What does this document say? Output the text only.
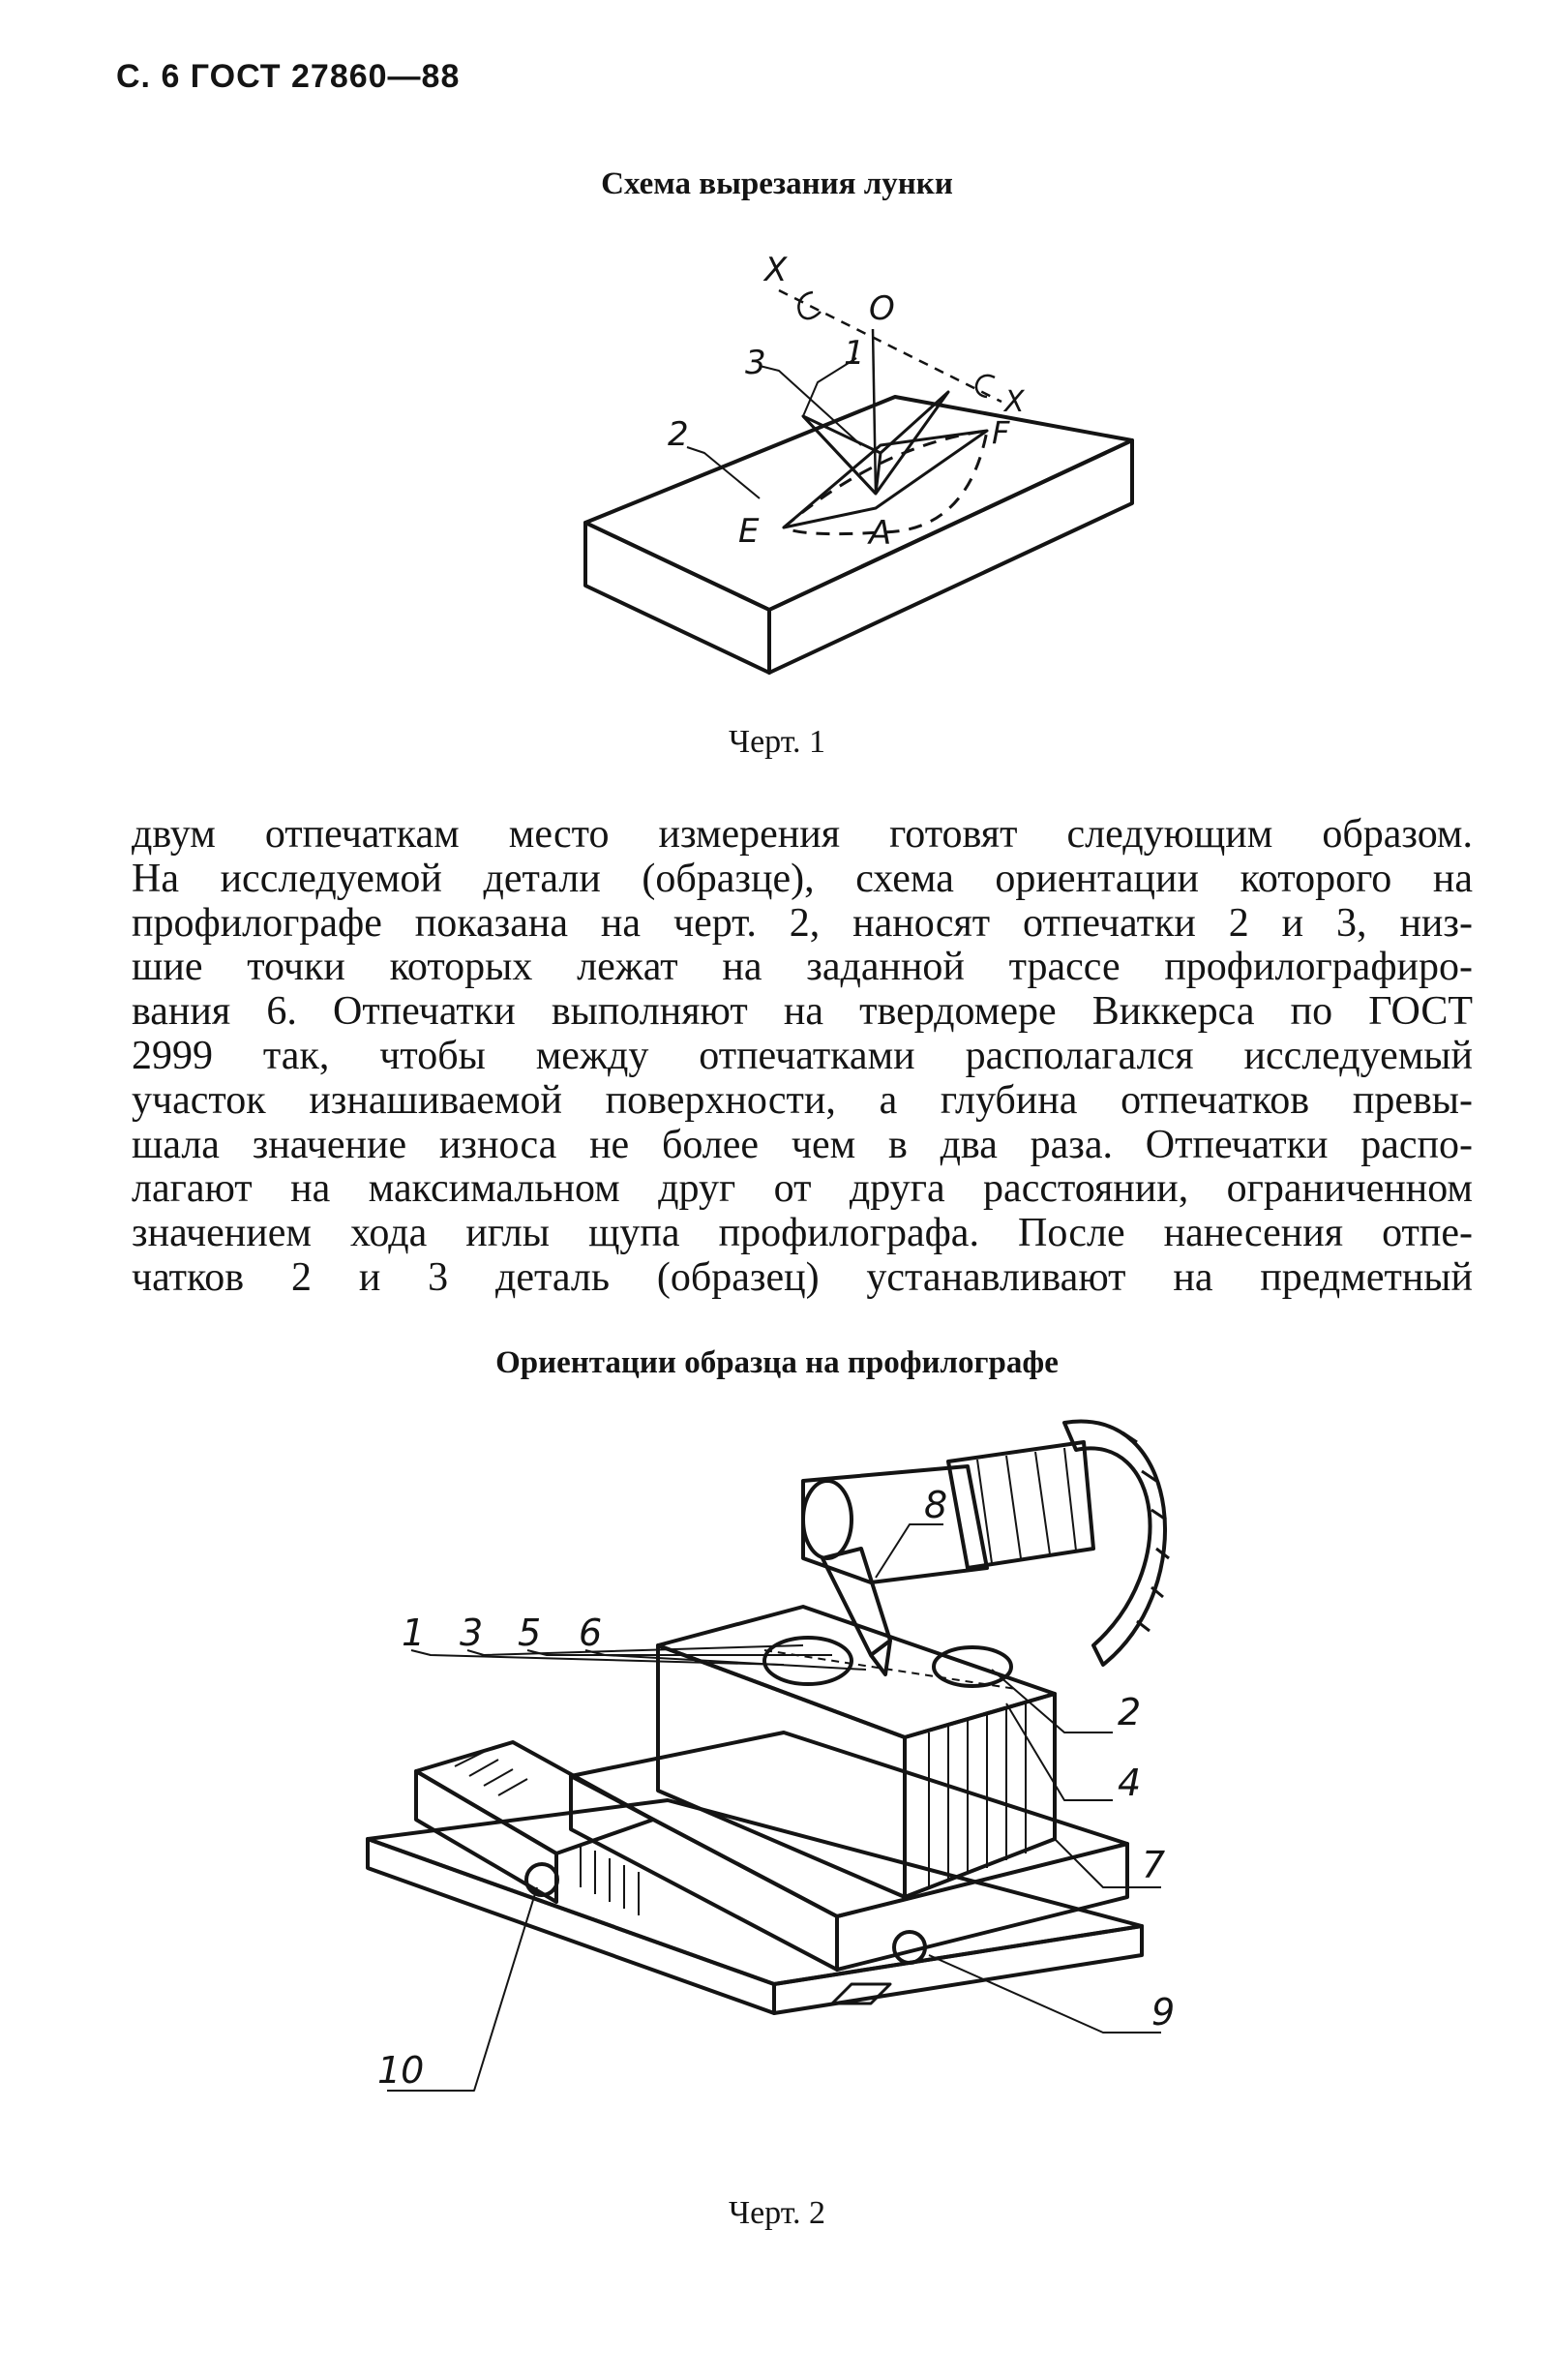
С. 6 ГОСТ 27860—88
Схема вырезания лунки
X
O
X
1
3
2
E
F
A
Черт. 1
двум отпечаткам место измерения готовят следующим образом.
На исследуемой детали (образце), схема ориентации которого на
профилографе показана на черт. 2, наносят отпечатки 2 и 3, низ-
шие точки которых лежат на заданной трассе профилографиро-
вания 6. Отпечатки выполняют на твердомере Виккерса по ГОСТ
2999 так, чтобы между отпечатками располагался исследуемый
участок изнашиваемой поверхности, а глубина отпечатков превы-
шала значение износа не более чем в два раза. Отпечатки распо-
лагают на максимальном друг от друга расстоянии, ограниченном
значением хода иглы щупа профилографа. После нанесения отпе-
чатков 2 и 3 деталь (образец) устанавливают на предметный
Ориентации образца на профилографе
1 3 5 6
8
2
4
7
9
10
Черт. 2
